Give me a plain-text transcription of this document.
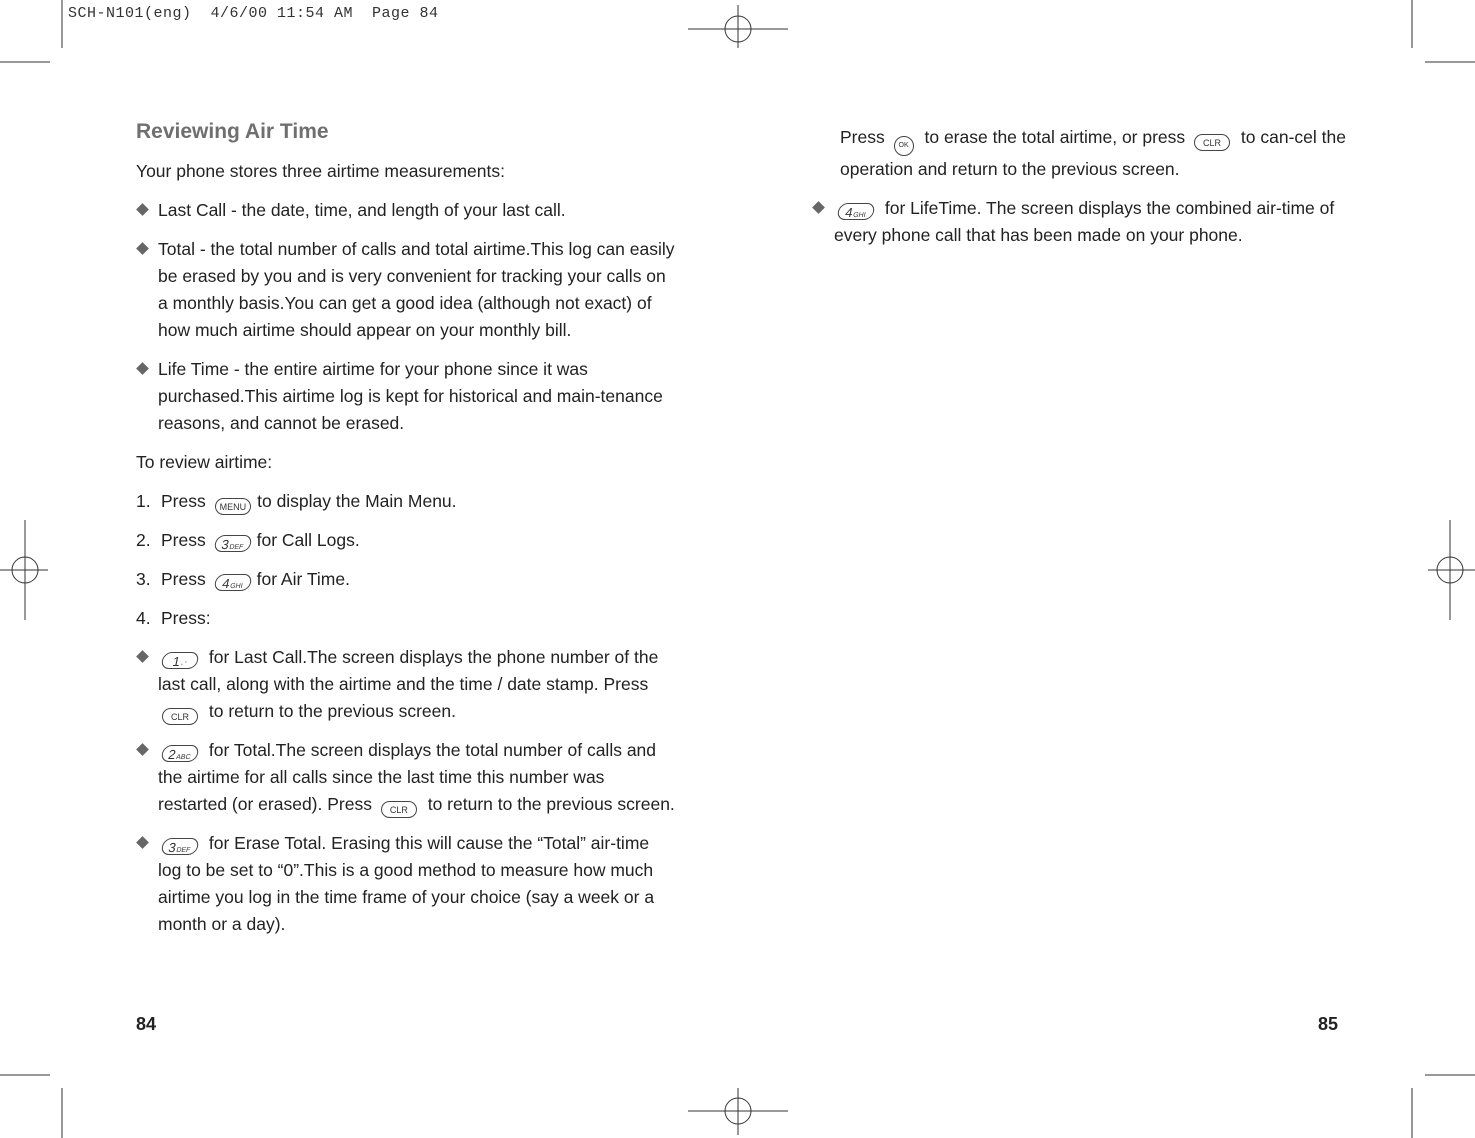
SCH-N101(eng)  4/6/00 11:54 AM  Page 84
Reviewing Air Time

Your phone stores three airtime measurements:

Last Call - the date, time, and length of your last call.
Total - the total number of calls and total airtime.This log can easily be erased by you and is very convenient for tracking your calls on a monthly basis.You can get a good idea (although not exact) of how much airtime should appear on your monthly bill.
Life Time - the entire airtime for your phone since it was purchased.This airtime log is kept for historical and main-tenance reasons, and cannot be erased.

To review airtime:

1. Press MENU to display the Main Menu.
2. Press 3DEF for Call Logs.
3. Press 4GHI for Air Time.
4. Press:
1- ' for Last Call.The screen displays the phone number of the last call, along with the airtime and the time / date stamp. Press CLR to return to the previous screen.
2ABC for Total.The screen displays the total number of calls and the airtime for all calls since the last time this number was restarted (or erased). Press CLR to return to the previous screen.
3DEF for Erase Total. Erasing this will cause the “Total” air-time log to be set to “0”.This is a good method to measure how much airtime you log in the time frame of your choice (say a week or a month or a day).

Press OK to erase the total airtime, or press CLR to can-cel the operation and return to the previous screen.

4GHI for LifeTime. The screen displays the combined air-time of every phone call that has been made on your phone.
84	85
